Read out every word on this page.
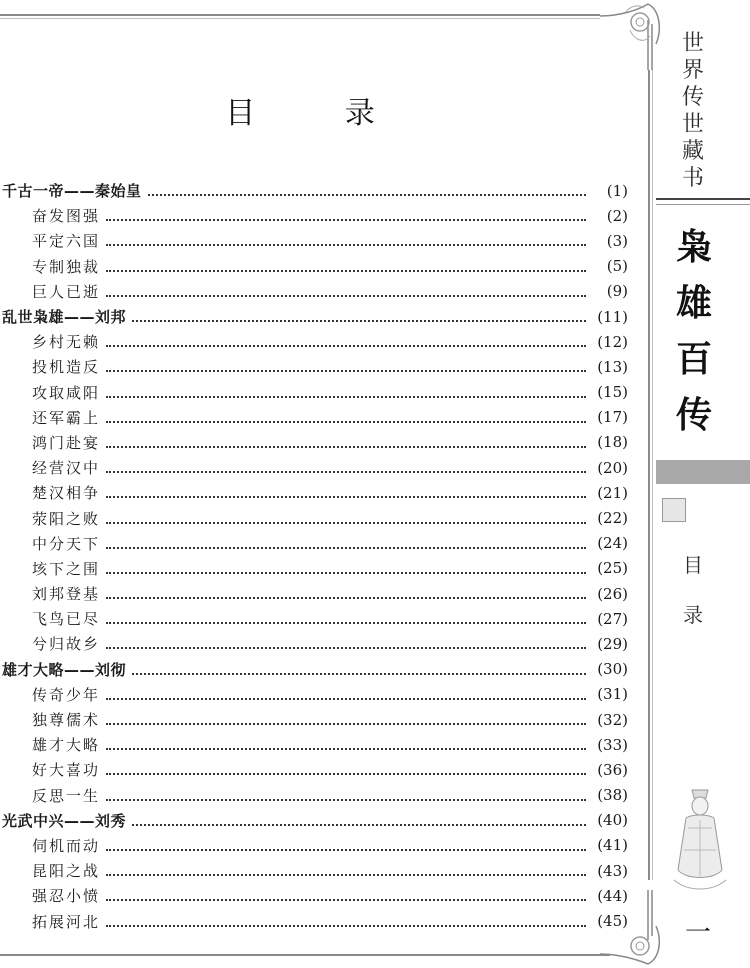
世
界
传
世
藏
书
枭
雄
百
传
目
录
一
目 录
千古一帝——秦始皇	(1)
奋发图强	(2)
平定六国	(3)
专制独裁	(5)
巨人已逝	(9)
乱世枭雄——刘邦	(11)
乡村无赖	(12)
投机造反	(13)
攻取咸阳	(15)
还军霸上	(17)
鸿门赴宴	(18)
经营汉中	(20)
楚汉相争	(21)
荥阳之败	(22)
中分天下	(24)
垓下之围	(25)
刘邦登基	(26)
飞鸟已尽	(27)
兮归故乡	(29)
雄才大略——刘彻	(30)
传奇少年	(31)
独尊儒术	(32)
雄才大略	(33)
好大喜功	(36)
反思一生	(38)
光武中兴——刘秀	(40)
伺机而动	(41)
昆阳之战	(43)
强忍小愤	(44)
拓展河北	(45)
